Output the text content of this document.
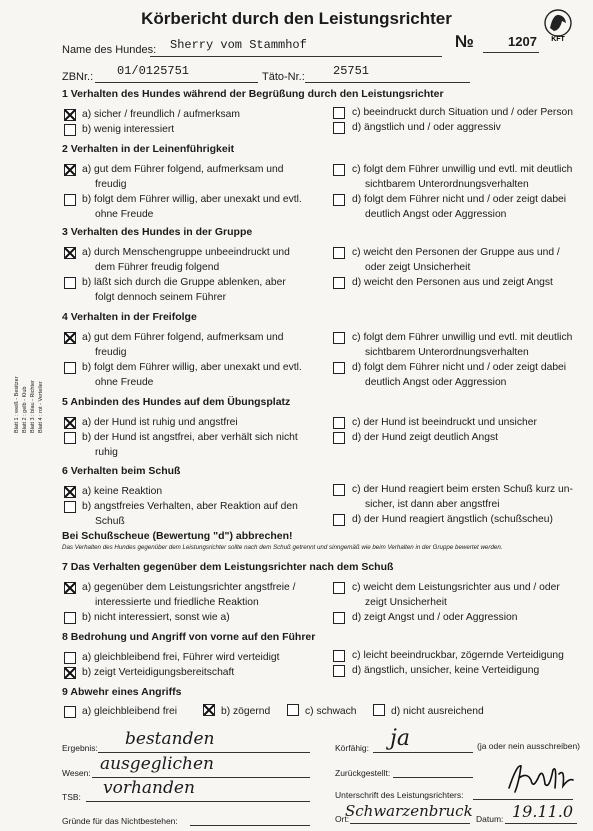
Körbericht durch den Leistungsrichter
KFT
Name des Hundes: Sherry vom Stammhof	№	1207
ZBNr.: 01/0125751	Täto-Nr.: 25751
1 Verhalten des Hundes während der Begrüßung durch den Leistungsrichter
a) sicher / freundlich / aufmerksam
b) wenig interessiert
c) beeindruckt durch Situation und / oder Person
d) ängstlich und / oder aggressiv
2 Verhalten in der Leinenführigkeit
a) gut dem Führer folgend, aufmerksam und
freudig
b) folgt dem Führer willig, aber unexakt und evtl.
ohne Freude
c) folgt dem Führer unwillig und evtl. mit deutlich
sichtbarem Unterordnungsverhalten
d) folgt dem Führer nicht und / oder zeigt dabei
deutlich Angst oder Aggression
3 Verhalten des Hundes in der Gruppe
a) durch Menschengruppe unbeeindruckt und
dem Führer freudig folgend
b) läßt sich durch die Gruppe ablenken, aber
folgt dennoch seinem Führer
c) weicht den Personen der Gruppe aus und /
oder zeigt Unsicherheit
d) weicht den Personen aus und zeigt Angst
4 Verhalten in der Freifolge
a) gut dem Führer folgend, aufmerksam und
freudig
b) folgt dem Führer willig, aber unexakt und evtl.
ohne Freude
c) folgt dem Führer unwillig und evtl. mit deutlich
sichtbarem Unterordnungsverhalten
d) folgt dem Führer nicht und / oder zeigt dabei
deutlich Angst oder Aggression
5 Anbinden des Hundes auf dem Übungsplatz
a) der Hund ist ruhig und angstfrei
b) der Hund ist angstfrei, aber verhält sich nicht
ruhig
c) der Hund ist beeindruckt und unsicher
d) der Hund zeigt deutlich Angst
6 Verhalten beim Schuß
a) keine Reaktion
b) angstfreies Verhalten, aber Reaktion auf den
Schuß
c) der Hund reagiert beim ersten Schuß kurz un-
sicher, ist dann aber angstfrei
d) der Hund reagiert ängstlich (schußscheu)
Bei Schußscheue (Bewertung "d") abbrechen!
Das Verhalten des Hundes gegenüber dem Leistungsrichter sollte nach dem Schuß getrennt und sinngemäß wie beim Verhalten in der Gruppe bewertet werden.
7 Das Verhalten gegenüber dem Leistungsrichter nach dem Schuß
a) gegenüber dem Leistungsrichter angstfreie /
interessierte und friedliche Reaktion
b) nicht interessiert, sonst wie a)
c) weicht dem Leistungsrichter aus und / oder
zeigt Unsicherheit
d) zeigt Angst und / oder Aggression
8 Bedrohung und Angriff von vorne auf den Führer
a) gleichbleibend frei, Führer wird verteidigt
b) zeigt Verteidigungsbereitschaft
c) leicht beeindruckbar, zögernde Verteidigung
d) ängstlich, unsicher, keine Verteidigung
9 Abwehr eines Angriffs
a) gleichbleibend frei	b) zögernd	c) schwach	d) nicht ausreichend
Ergebnis: bestanden
Wesen: ausgeglichen
TSB: vorhanden
Gründe für das Nichtbestehen:
Körfähig: ja	(ja oder nein ausschreiben)
Zurückgestellt:
Unterschrift des Leistungsrichters:
Ort:
Schwarzenbruck Datum: 19.11.0
Blatt 1 : weiß - Besitzer Blatt 2 : gelb - Klub Blatt 3 : blau - Richter Blatt 4 : rot - Verteiler
